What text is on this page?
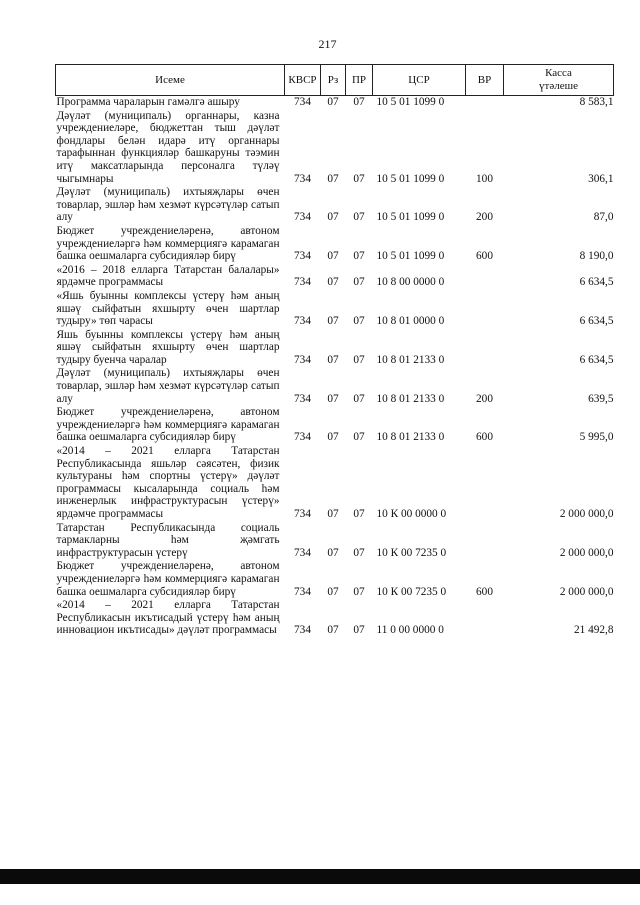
217
Исеме	КВСР	Рз	ПР	ЦСР	ВР	Касса
үтәлеше
Программа чараларын гамәлгә ашыру	734	07	07	10 5 01 1099 0		8 583,1
Дәүләт (муниципаль) органнары, казна учреждениеләре, бюджеттан тыш дәүләт фондлары белән идарә итү органнары тарафыннан функцияләр башкаруны тәэмин итү максатларында персоналга түләү чыгымнары	734	07	07	10 5 01 1099 0	100	306,1
Дәүләт (муниципаль) ихтыяҗлары өчен товарлар, эшләр һәм хезмәт күрсәтүләр сатып алу	734	07	07	10 5 01 1099 0	200	87,0
Бюджет учреждениеләренә, автоном учреждениеләргә һәм коммерциягә карамаган башка оешмаларга субсидияләр бирү	734	07	07	10 5 01 1099 0	600	8 190,0
«2016 – 2018 елларга Татарстан балалары» ярдәмче программасы	734	07	07	10 8 00 0000 0		6 634,5
«Яшь буынны комплексы үстерү һәм аның яшәү сыйфатын яхшырту өчен шартлар тудыру» төп чарасы	734	07	07	10 8 01 0000 0		6 634,5
Яшь буынны комплексы үстерү һәм аның яшәү сыйфатын яхшырту өчен шартлар тудыру буенча чаралар	734	07	07	10 8 01 2133 0		6 634,5
Дәүләт (муниципаль) ихтыяҗлары өчен товарлар, эшләр һәм хезмәт күрсәтүләр сатып алу	734	07	07	10 8 01 2133 0	200	639,5
Бюджет учреждениеләренә, автоном учреждениеләргә һәм коммерциягә карамаган башка оешмаларга субсидияләр бирү	734	07	07	10 8 01 2133 0	600	5 995,0
«2014 – 2021 елларга Татарстан Республикасында яшьләр сәясәтен, физик культураны һәм спортны үстерү» дәүләт программасы кысаларында социаль һәм инженерлык инфраструктурасын үстерү» ярдәмче программасы	734	07	07	10 К 00 0000 0		2 000 000,0
Татарстан Республикасында социаль тармакларны һәм җәмгать инфраструктурасын үстерү	734	07	07	10 К 00 7235 0		2 000 000,0
Бюджет учреждениеләренә, автоном учреждениеләргә һәм коммерциягә карамаган башка оешмаларга субсидияләр бирү	734	07	07	10 К 00 7235 0	600	2 000 000,0
«2014 – 2021 елларга Татарстан Республикасын икътисадый үстерү һәм аның инновацион икътисады» дәүләт программасы	734	07	07	11 0 00 0000 0		21 492,8
